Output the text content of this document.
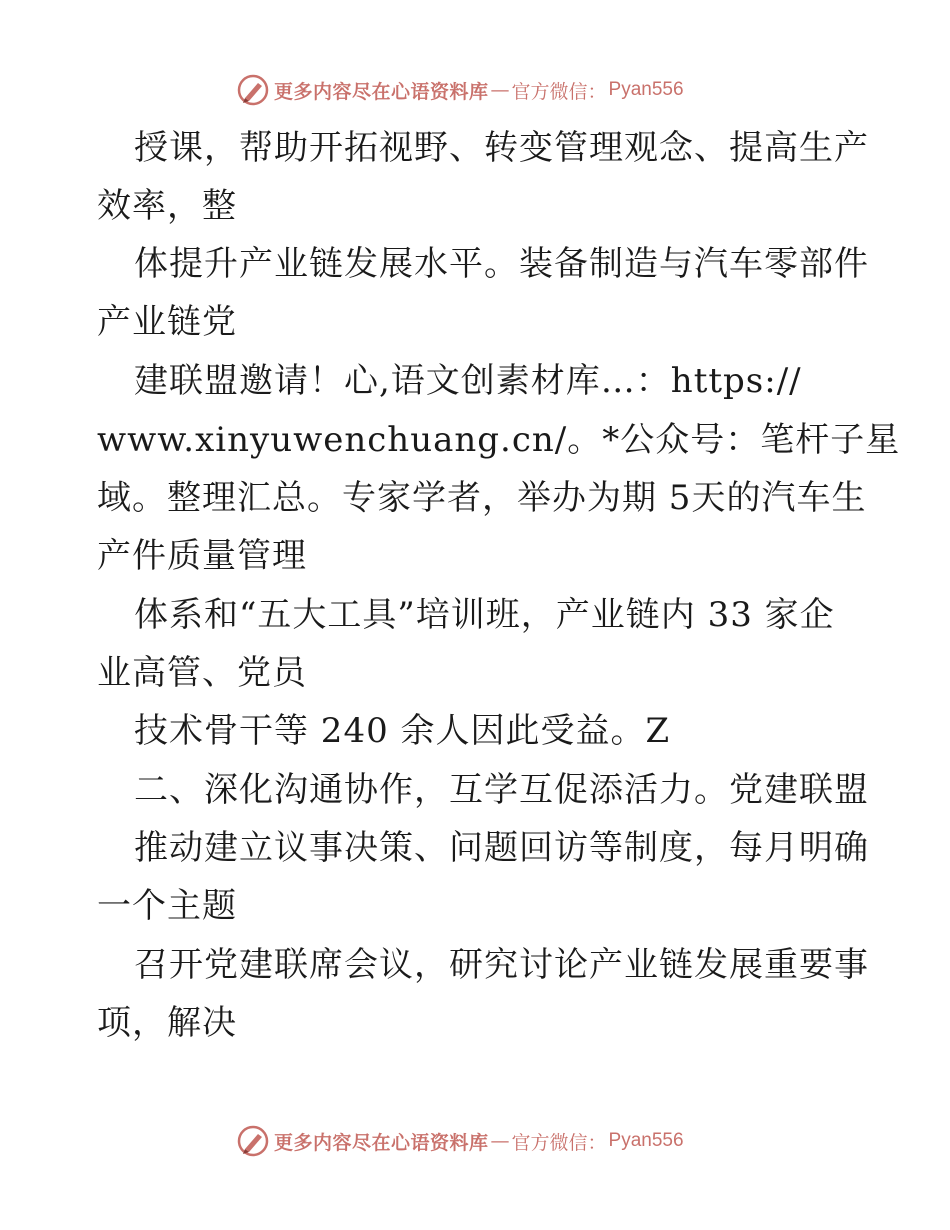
更多内容尽在心语资料库 — 官方微信： Pyan556
授课，帮助开拓视野、转变管理观念、提高生产
效率，整
体提升产业链发展水平。装备制造与汽车零部件
产业链党
建联盟邀请！心,语文创素材库…：https://
www.xinyuwenchuang.cn/。*公众号：笔杆子星
域。整理汇总。专家学者，举办为期 5天的汽车生
产件质量管理
体系和“五大工具”培训班，产业链内 33 家企
业高管、党员
技术骨干等 240 余人因此受益。Z
二、深化沟通协作，互学互促添活力。党建联盟
推动建立议事决策、问题回访等制度，每月明确
一个主题
召开党建联席会议，研究讨论产业链发展重要事
项，解决
更多内容尽在心语资料库 — 官方微信： Pyan556
